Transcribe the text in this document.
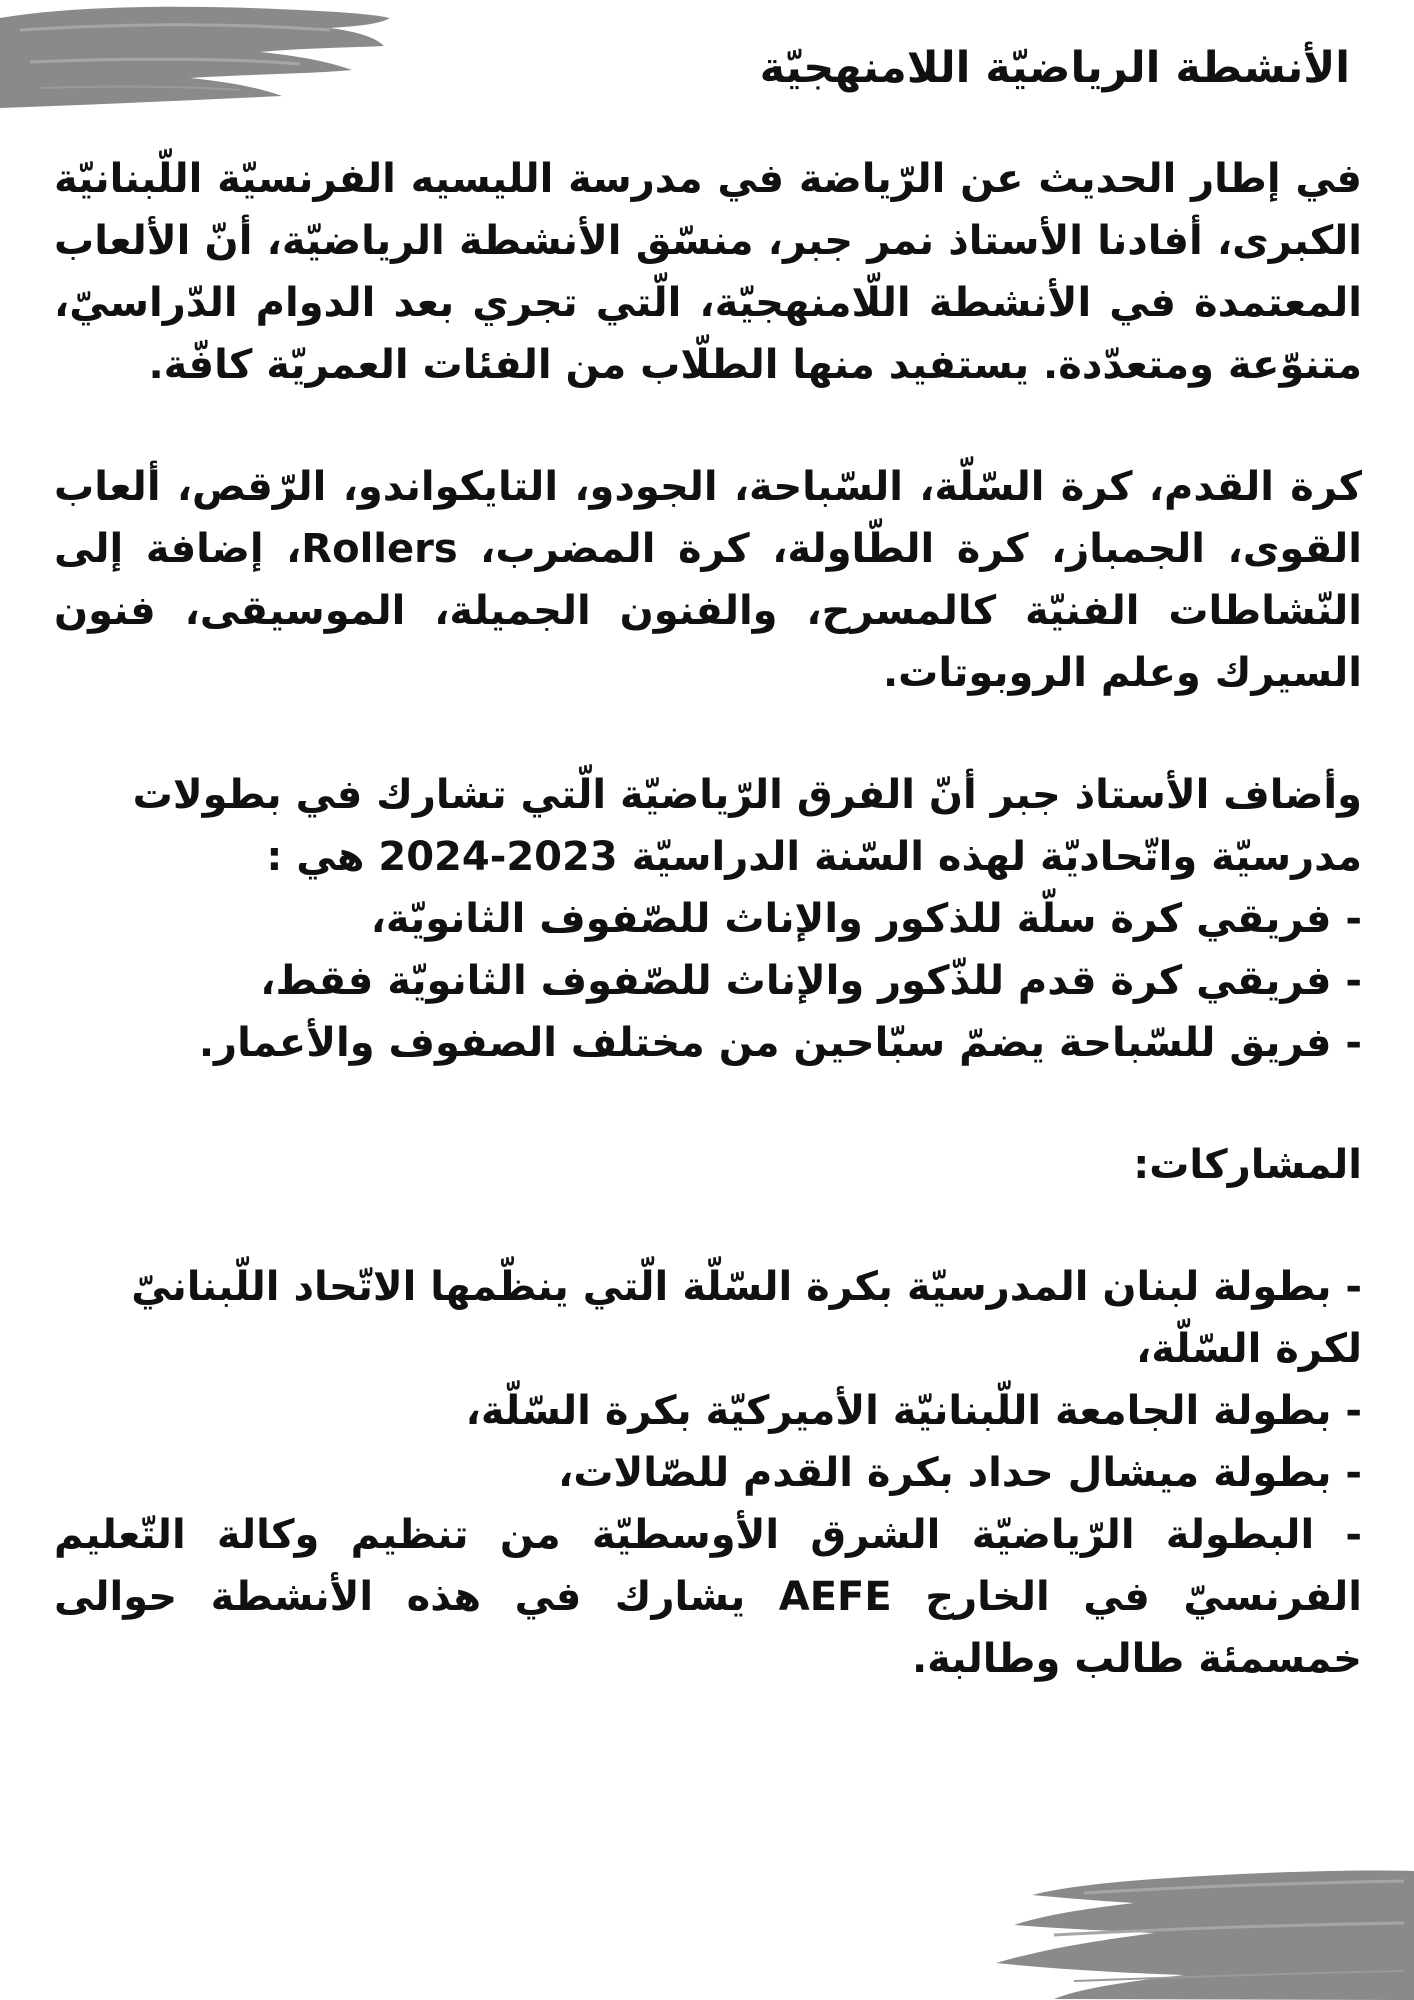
الأنشطة الرياضيّة اللامنهجيّة

في إطار الحديث عن الرّياضة في مدرسة الليسيه الفرنسيّة اللّبنانيّة الكبرى، أفادنا الأستاذ نمر جبر، منسّق الأنشطة الرياضيّة، أنّ الألعاب المعتمدة في الأنشطة اللّامنهجيّة، الّتي تجري بعد الدوام الدّراسيّ، متنوّعة ومتعدّدة. يستفيد منها الطلّاب من الفئات العمريّة كافّة.

كرة القدم، كرة السّلّة، السّباحة، الجودو، التايكواندو، الرّقص، ألعاب القوى، الجمباز، كرة الطّاولة، كرة المضرب، Rollers، إضافة إلى النّشاطات الفنيّة كالمسرح، والفنون الجميلة، الموسيقى، فنون السيرك وعلم الروبوتات.

وأضاف الأستاذ جبر أنّ الفرق الرّياضيّة الّتي تشارك في بطولات مدرسيّة واتّحاديّة لهذه السّنة الدراسيّة 2023-2024 هي :

- فريقي كرة سلّة للذكور والإناث للصّفوف الثانويّة،

- فريقي كرة قدم للذّكور والإناث للصّفوف الثانويّة فقط،

- فريق للسّباحة يضمّ سبّاحين من مختلف الصفوف والأعمار.

المشاركات:

- بطولة لبنان المدرسيّة بكرة السّلّة الّتي ينظّمها الاتّحاد اللّبنانيّ لكرة السّلّة،

- بطولة الجامعة اللّبنانيّة الأميركيّة بكرة السّلّة،

- بطولة ميشال حداد بكرة القدم للصّالات،

- البطولة الرّياضيّة الشرق الأوسطيّة من تنظيم وكالة التّعليم الفرنسيّ في الخارج AEFE يشارك في هذه الأنشطة حوالى خمسمئة طالب وطالبة.
